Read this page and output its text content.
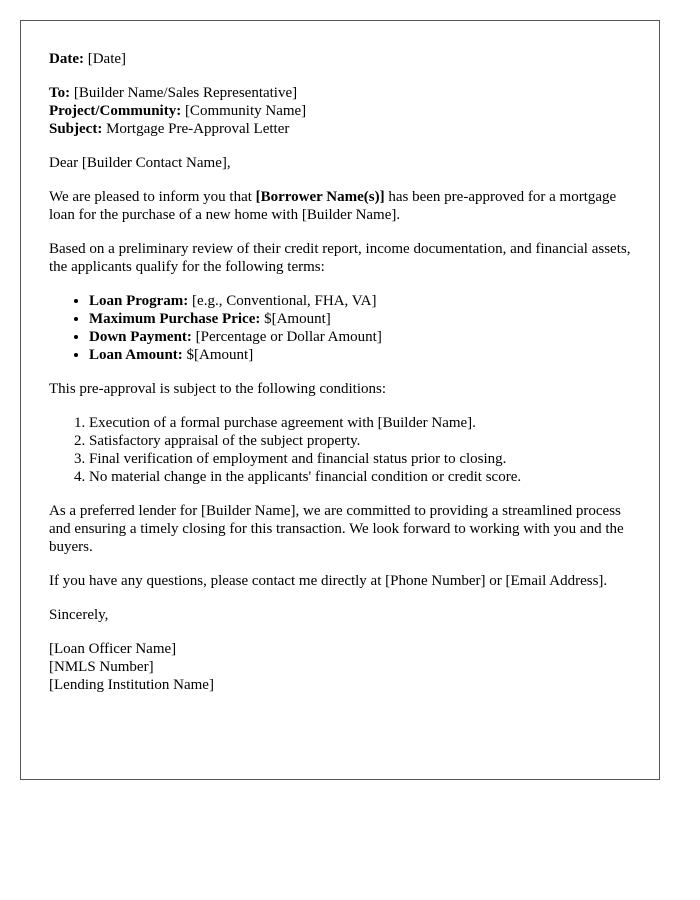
Date: [Date]

To: [Builder Name/Sales Representative]
Project/Community: [Community Name]
Subject: Mortgage Pre-Approval Letter

Dear [Builder Contact Name],

We are pleased to inform you that [Borrower Name(s)] has been pre-approved for a mortgage loan for the purchase of a new home with [Builder Name].

Based on a preliminary review of their credit report, income documentation, and financial assets, the applicants qualify for the following terms:

• Loan Program: [e.g., Conventional, FHA, VA]
• Maximum Purchase Price: $[Amount]
• Down Payment: [Percentage or Dollar Amount]
• Loan Amount: $[Amount]

This pre-approval is subject to the following conditions:

1. Execution of a formal purchase agreement with [Builder Name].
2. Satisfactory appraisal of the subject property.
3. Final verification of employment and financial status prior to closing.
4. No material change in the applicants' financial condition or credit score.

As a preferred lender for [Builder Name], we are committed to providing a streamlined process and ensuring a timely closing for this transaction. We look forward to working with you and the buyers.

If you have any questions, please contact me directly at [Phone Number] or [Email Address].

Sincerely,

[Loan Officer Name]
[NMLS Number]
[Lending Institution Name]
